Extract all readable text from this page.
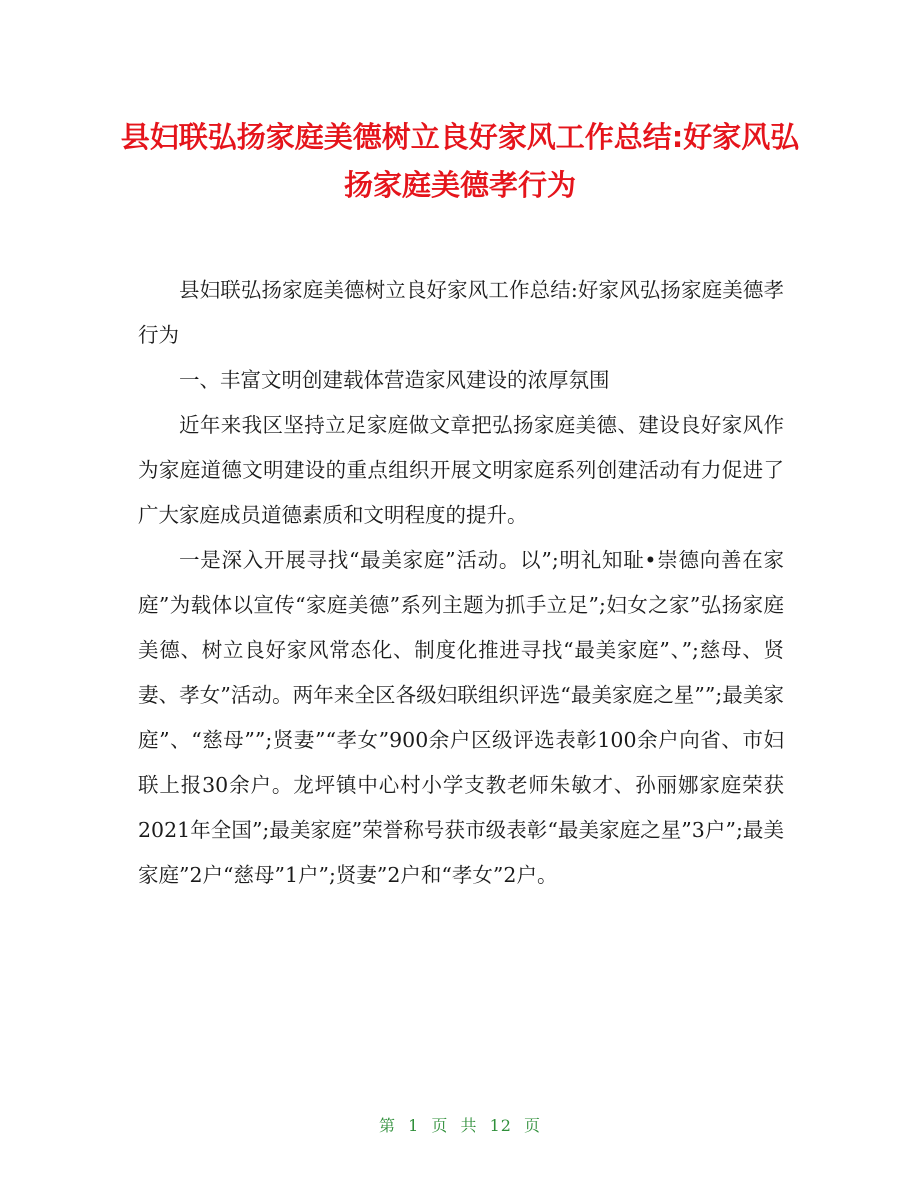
县妇联弘扬家庭美德树立良好家风工作总结:好家风弘扬家庭美德孝行为

县妇联弘扬家庭美德树立良好家风工作总结:好家风弘扬家庭美德孝行为

一、丰富文明创建载体营造家风建设的浓厚氛围

近年来我区坚持立足家庭做文章把弘扬家庭美德、建设良好家风作为家庭道德文明建设的重点组织开展文明家庭系列创建活动有力促进了广大家庭成员道德素质和文明程度的提升。

一是深入开展寻找“最美家庭”活动。以”;明礼知耻•崇德向善在家庭”为载体以宣传“家庭美德”系列主题为抓手立足”;妇女之家”弘扬家庭美德、树立良好家风常态化、制度化推进寻找“最美家庭”、”;慈母、贤妻、孝女”活动。两年来全区各级妇联组织评选“最美家庭之星””;最美家庭”、“慈母””;贤妻”“孝女”900余户区级评选表彰100余户向省、市妇联上报30余户。龙坪镇中心村小学支教老师朱敏才、孙丽娜家庭荣获2021年全国”;最美家庭”荣誉称号获市级表彰“最美家庭之星”3户”;最美家庭”2户“慈母”1户”;贤妻”2户和“孝女”2户。

第 1 页 共 12 页
